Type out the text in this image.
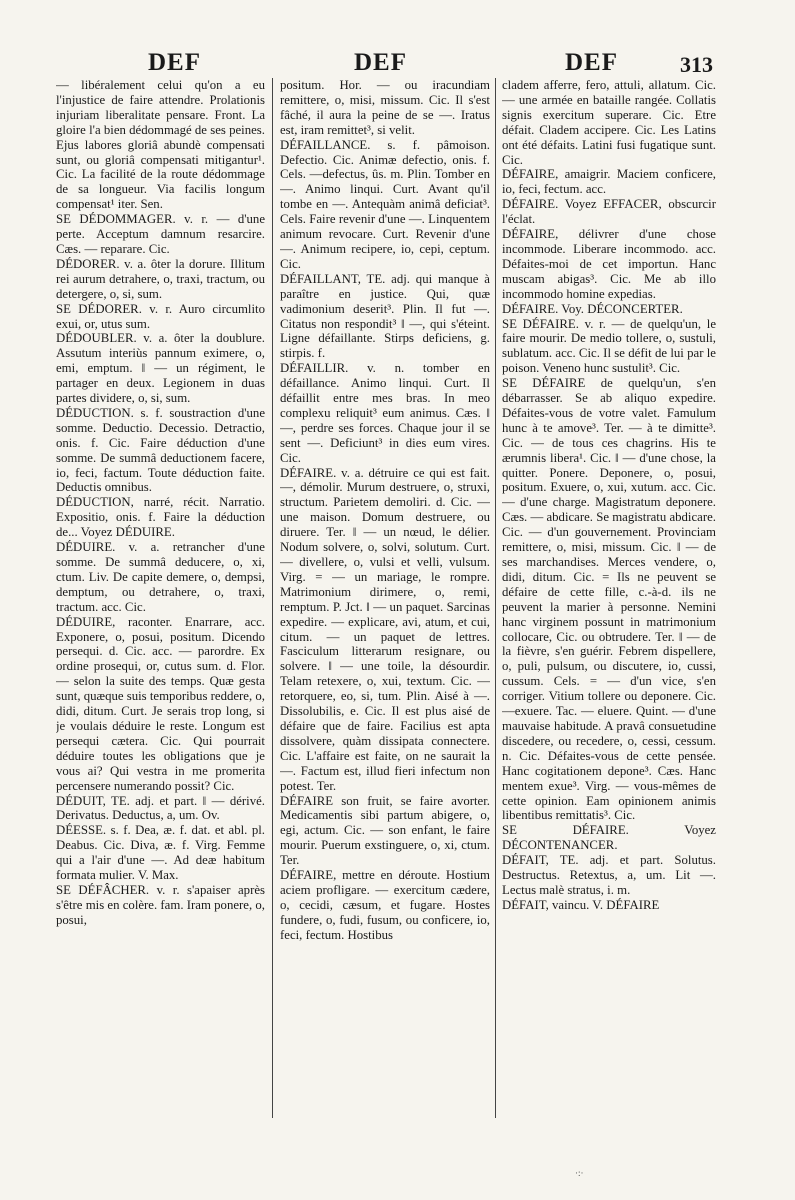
DEF	DEF	DEF	313

— libéralement celui qu'on a eu l'injustice de faire attendre. Prolationis injuriam liberalitate pensare. Front. La gloire l'a bien dédommagé de ses peines. Ejus labores gloriâ abundè compensati sunt, ou gloriâ compensati mitigantur¹. Cic. La facilité de la route dédommage de sa longueur. Via facilis longum compensat¹ iter. Sen.

SE DÉDOMMAGER. v. r. — d'une perte. Acceptum damnum resarcire. Cæs. — reparare. Cic.

DÉDORER. v. a. ôter la dorure. Illitum rei aurum detrahere, o, traxi, tractum, ou detergere, o, si, sum.

SE DÉDORER. v. r. Auro circumlito exui, or, utus sum.

DÉDOUBLER. v. a. ôter la doublure. Assutum interiùs pannum eximere, o, emi, emptum. ‖ — un régiment, le partager en deux. Legionem in duas partes dividere, o, si, sum.

DÉDUCTION. s. f. soustraction d'une somme. Deductio. Decessio. Detractio, onis. f. Cic. Faire déduction d'une somme. De summâ deductionem facere, io, feci, factum. Toute déduction faite. Deductis omnibus.

DÉDUCTION, narré, récit. Narratio. Expositio, onis. f. Faire la déduction de... Voyez DÉDUIRE.

DÉDUIRE. v. a. retrancher d'une somme. De summâ deducere, o, xi, ctum. Liv. De capite demere, o, dempsi, demptum, ou detrahere, o, traxi, tractum. acc. Cic.

DÉDUIRE, raconter. Enarrare, acc. Exponere, o, posui, positum. Dicendo persequi. d. Cic. acc. — parordre. Ex ordine prosequi, or, cutus sum. d. Flor. — selon la suite des temps. Quæ gesta sunt, quæque suis temporibus reddere, o, didi, ditum. Curt. Je serais trop long, si je voulais déduire le reste. Longum est persequi cætera. Cic. Qui pourrait déduire toutes les obligations que je vous ai? Qui vestra in me promerita percensere numerando possit? Cic.

DÉDUIT, TE. adj. et part. ‖ — dérivé. Derivatus. Deductus, a, um. Ov.

DÉESSE. s. f. Dea, æ. f. dat. et abl. pl. Deabus. Cic. Diva, æ. f. Virg. Femme qui a l'air d'une —. Ad deæ habitum formata mulier. V. Max.

SE DÉFÂCHER. v. r. s'apaiser après s'être mis en colère. fam. Iram ponere, o, posui,

positum. Hor. — ou iracundiam remittere, o, misi, missum. Cic. Il s'est fâché, il aura la peine de se —. Iratus est, iram remittet³, si velit.

DÉFAILLANCE. s. f. pâmoison. Defectio. Cic. Animæ defectio, onis. f. Cels. —defectus, ûs. m. Plin. Tomber en —. Animo linqui. Curt. Avant qu'il tombe en —. Antequàm animâ deficiat³. Cels. Faire revenir d'une —. Linquentem animum revocare. Curt. Revenir d'une —. Animum recipere, io, cepi, ceptum. Cic.

DÉFAILLANT, TE. adj. qui manque à paraître en justice. Qui, quæ vadimonium deserit³. Plin. Il fut —. Citatus non respondit³ ‖ —, qui s'éteint. Ligne défaillante. Stirps deficiens, g. stirpis. f.

DÉFAILLIR. v. n. tomber en défaillance. Animo linqui. Curt. Il défaillit entre mes bras. In meo complexu reliquit³ eum animus. Cæs. ‖ —, perdre ses forces. Chaque jour il se sent —. Deficiunt³ in dies eum vires. Cic.

DÉFAIRE. v. a. détruire ce qui est fait. —, démolir. Murum destruere, o, struxi, structum. Parietem demoliri. d. Cic. —une maison. Domum destruere, ou diruere. Ter. ‖ — un nœud, le délier. Nodum solvere, o, solvi, solutum. Curt. — divellere, o, vulsi et velli, vulsum. Virg. = — un mariage, le rompre. Matrimonium dirimere, o, remi, remptum. P. Jct. ‖ — un paquet. Sarcinas expedire. — explicare, avi, atum, et cui, citum. — un paquet de lettres. Fasciculum litterarum resignare, ou solvere. ‖ — une toile, la désourdir. Telam retexere, o, xui, textum. Cic. — retorquere, eo, si, tum. Plin. Aisé à —. Dissolubilis, e. Cic. Il est plus aisé de défaire que de faire. Facilius est apta dissolvere, quàm dissipata connectere. Cic. L'affaire est faite, on ne saurait la —. Factum est, illud fieri infectum non potest. Ter.

DÉFAIRE son fruit, se faire avorter. Medicamentis sibi partum abigere, o, egi, actum. Cic. — son enfant, le faire mourir. Puerum exstinguere, o, xi, ctum. Ter.

DÉFAIRE, mettre en déroute. Hostium aciem profligare. — exercitum cædere, o, cecidi, cæsum, et fugare. Hostes fundere, o, fudi, fusum, ou conficere, io, feci, fectum. Hostibus

cladem afferre, fero, attuli, allatum. Cic. — une armée en bataille rangée. Collatis signis exercitum superare. Cic. Etre défait. Cladem accipere. Cic. Les Latins ont été défaits. Latini fusi fugatique sunt. Cic.

DÉFAIRE, amaigrir. Maciem conficere, io, feci, fectum. acc.

DÉFAIRE. Voyez EFFACER, obscurcir l'éclat.

DÉFAIRE, délivrer d'une chose incommode. Liberare incommodo. acc. Défaites-moi de cet importun. Hanc muscam abigas³. Cic. Me ab illo incommodo homine expedias.

DÉFAIRE. Voy. DÉCONCERTER.

SE DÉFAIRE. v. r. — de quelqu'un, le faire mourir. De medio tollere, o, sustuli, sublatum. acc. Cic. Il se défit de lui par le poison. Veneno hunc sustulit³. Cic.

SE DÉFAIRE de quelqu'un, s'en débarrasser. Se ab aliquo expedire. Défaites-vous de votre valet. Famulum hunc à te amove³. Ter. — à te dimitte³. Cic. — de tous ces chagrins. His te ærumnis libera¹. Cic. ‖ — d'une chose, la quitter. Ponere. Deponere, o, posui, positum. Exuere, o, xui, xutum. acc. Cic. — d'une charge. Magistratum deponere. Cæs. — abdicare. Se magistratu abdicare. Cic. — d'un gouvernement. Provinciam remittere, o, misi, missum. Cic. ‖ — de ses marchandises. Merces vendere, o, didi, ditum. Cic. = Ils ne peuvent se défaire de cette fille, c.-à-d. ils ne peuvent la marier à personne. Nemini hanc virginem possunt in matrimonium collocare, Cic. ou obtrudere. Ter. ‖ — de la fièvre, s'en guérir. Febrem dispellere, o, puli, pulsum, ou discutere, io, cussi, cussum. Cels. = — d'un vice, s'en corriger. Vitium tollere ou deponere. Cic. —exuere. Tac. — eluere. Quint. — d'une mauvaise habitude. A pravâ consuetudine discedere, ou recedere, o, cessi, cessum. n. Cic. Défaites-vous de cette pensée. Hanc cogitationem depone³. Cæs. Hanc mentem exue³. Virg. — vous-mêmes de cette opinion. Eam opinionem animis libentibus remittatis³. Cic.

SE DÉFAIRE. Voyez DÉCONTENANCER.

DÉFAIT, TE. adj. et part. Solutus. Destructus. Retextus, a, um. Lit —. Lectus malè stratus, i. m.

DÉFAIT, vaincu. V. DÉFAIRE

·:·
